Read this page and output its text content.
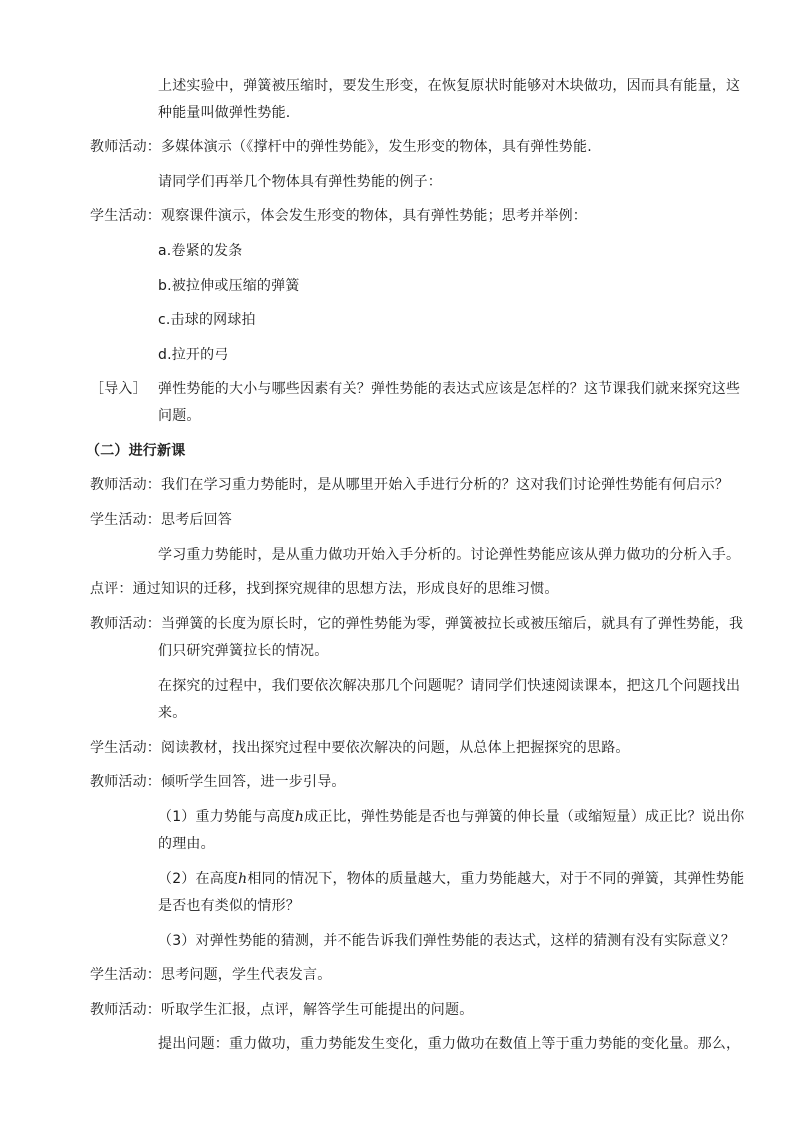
上述实验中，弹簧被压缩时，要发生形变，在恢复原状时能够对木块做功，因而具有能量，这
种能量叫做弹性势能.
教师活动：多媒体演示（《撑杆中的弹性势能》，发生形变的物体，具有弹性势能.
请同学们再举几个物体具有弹性势能的例子：
学生活动：观察课件演示，体会发生形变的物体，具有弹性势能；思考并举例：
a.卷紧的发条
b.被拉伸或压缩的弹簧
c.击球的网球拍
d.拉开的弓
［导入］ 弹性势能的大小与哪些因素有关？弹性势能的表达式应该是怎样的？这节课我们就来探究这些
问题。
（二）进行新课
教师活动：我们在学习重力势能时，是从哪里开始入手进行分析的？这对我们讨论弹性势能有何启示？
学生活动：思考后回答
学习重力势能时，是从重力做功开始入手分析的。讨论弹性势能应该从弹力做功的分析入手。
点评：通过知识的迁移，找到探究规律的思想方法，形成良好的思维习惯。
教师活动：当弹簧的长度为原长时，它的弹性势能为零，弹簧被拉长或被压缩后，就具有了弹性势能，我
们只研究弹簧拉长的情况。
在探究的过程中，我们要依次解决那几个问题呢？请同学们快速阅读课本，把这几个问题找出
来。
学生活动：阅读教材，找出探究过程中要依次解决的问题，从总体上把握探究的思路。
教师活动：倾听学生回答，进一步引导。
（1）重力势能与高度h成正比，弹性势能是否也与弹簧的伸长量（或缩短量）成正比？说出你
的理由。
（2）在高度h相同的情况下，物体的质量越大，重力势能越大，对于不同的弹簧，其弹性势能
是否也有类似的情形？
（3）对弹性势能的猜测，并不能告诉我们弹性势能的表达式，这样的猜测有没有实际意义？
学生活动：思考问题，学生代表发言。
教师活动：听取学生汇报，点评，解答学生可能提出的问题。
提出问题：重力做功，重力势能发生变化，重力做功在数值上等于重力势能的变化量。那么，
